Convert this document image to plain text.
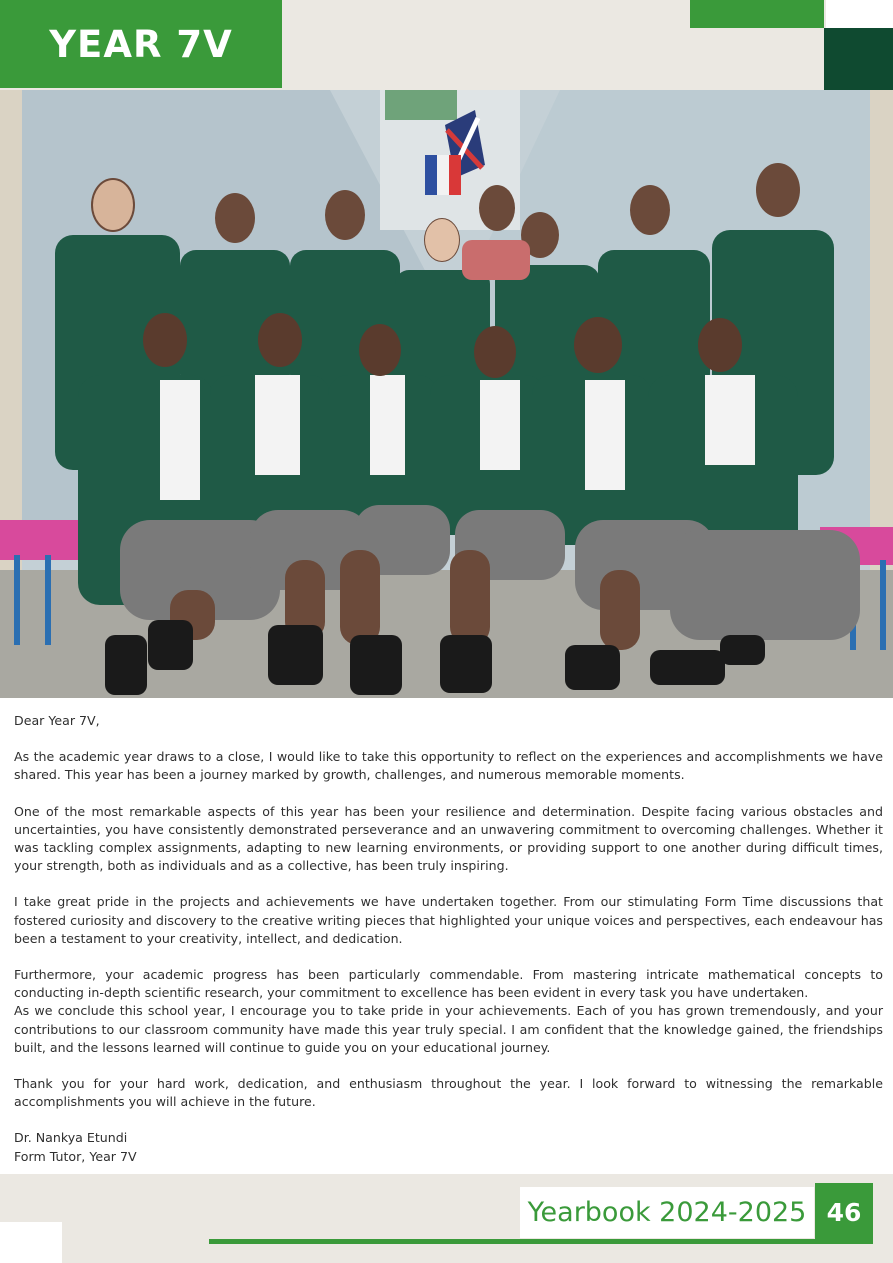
YEAR 7V

Dear Year 7V,

As the academic year draws to a close, I would like to take this opportunity to reflect on the experiences and accomplishments we have shared. This year has been a journey marked by growth, challenges, and numerous memorable moments.

One of the most remarkable aspects of this year has been your resilience and determination. Despite facing various obstacles and uncertainties, you have consistently demonstrated perseverance and an unwavering commitment to overcoming challenges. Whether it was tackling complex assignments, adapting to new learning environments, or providing support to one another during difficult times, your strength, both as individuals and as a collective, has been truly inspiring.

I take great pride in the projects and achievements we have undertaken together. From our stimulating Form Time discussions that fostered curiosity and discovery to the creative writing pieces that highlighted your unique voices and perspectives, each endeavour has been a testament to your creativity, intellect, and dedication.

Furthermore, your academic progress has been particularly commendable. From mastering intricate mathematical concepts to conducting in-depth scientific research, your commitment to excellence has been evident in every task you have undertaken.

As we conclude this school year, I encourage you to take pride in your achievements. Each of you has grown tremendously, and your contributions to our classroom community have made this year truly special. I am confident that the knowledge gained, the friendships built, and the lessons learned will continue to guide you on your educational journey.

Thank you for your hard work, dedication, and enthusiasm throughout the year. I look forward to witnessing the remarkable accomplishments you will achieve in the future.

Dr. Nankya Etundi

Form Tutor, Year 7V

Yearbook 2024-2025 46
